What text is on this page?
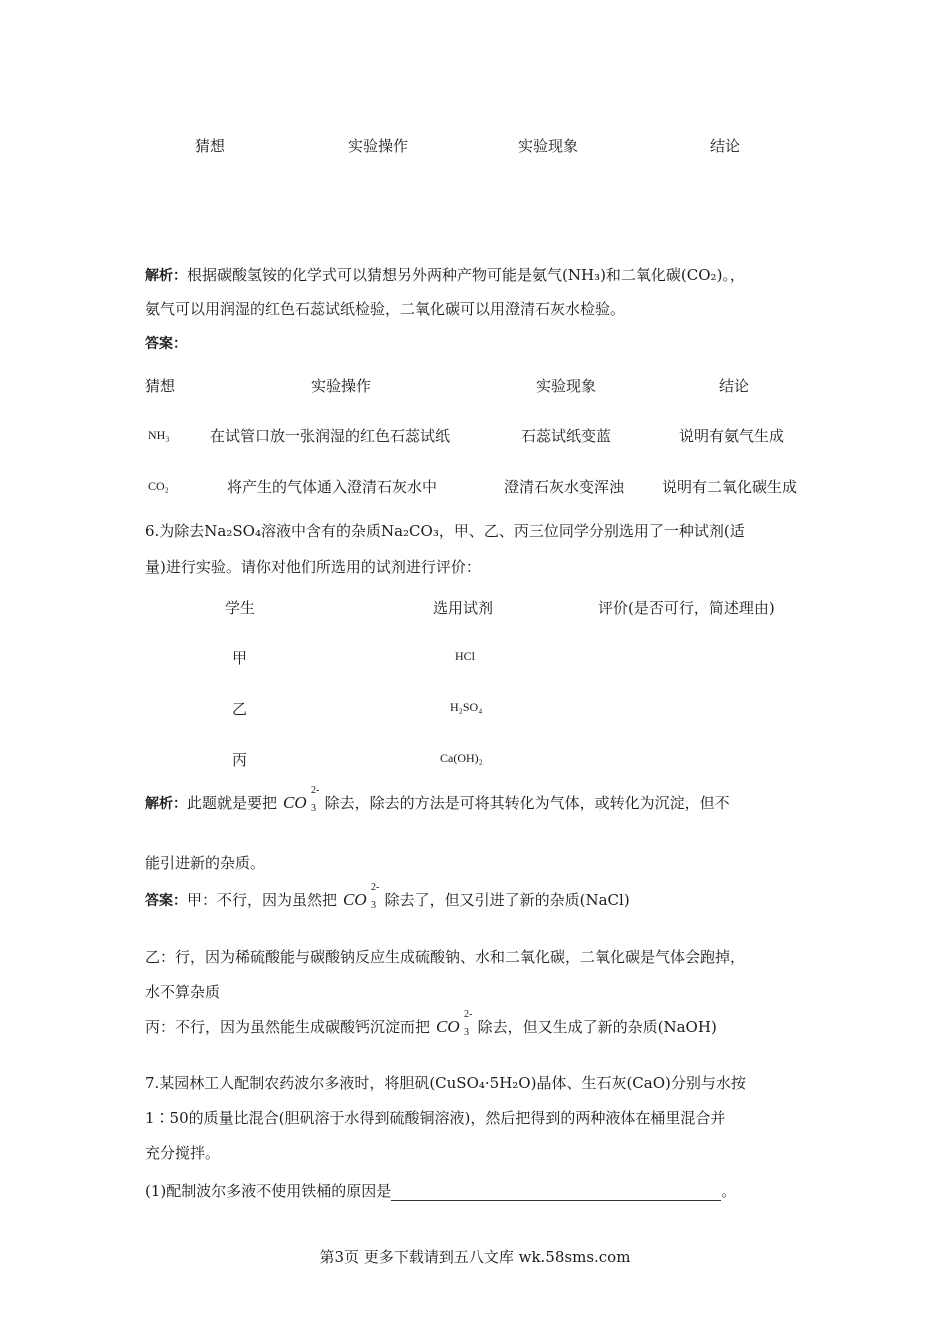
猜想	实验操作	实验现象	结论
解析：根据碳酸氢铵的化学式可以猜想另外两种产物可能是氨气(NH₃)和二氧化碳(CO₂)。，
氨气可以用润湿的红色石蕊试纸检验，二氧化碳可以用澄清石灰水检验。
答案：
猜想	实验操作	实验现象	结论
NH₃	在试管口放一张润湿的红色石蕊试纸	石蕊试纸变蓝	说明有氨气生成
CO₂	将产生的气体通入澄清石灰水中	澄清石灰水变浑浊	说明有二氧化碳生成
6.为除去Na₂SO₄溶液中含有的杂质Na₂CO₃，甲、乙、丙三位同学分别选用了一种试剂(适
量)进行实验。请你对他们所选用的试剂进行评价：
学生	选用试剂	评价(是否可行，简述理由)
甲	HCl
乙	H₂SO₄
丙	Ca(OH)₂
解析：此题就是要把 CO 3
2-
除去，除去的方法是可将其转化为气体，或转化为沉淀，但不
能引进新的杂质。
答案：甲：不行，因为虽然把 CO 3
2-
除去了，但又引进了新的杂质(NaCl)
乙：行，因为稀硫酸能与碳酸钠反应生成硫酸钠、水和二氧化碳，二氧化碳是气体会跑掉，
水不算杂质
丙：不行，因为虽然能生成碳酸钙沉淀而把 CO 3
2-
除去，但又生成了新的杂质(NaOH)
7.某园林工人配制农药波尔多液时，将胆矾(CuSO₄·5H₂O)晶体、生石灰(CaO)分别与水按
1∶50的质量比混合(胆矾溶于水得到硫酸铜溶液)，然后把得到的两种液体在桶里混合并
充分搅拌。
(1)配制波尔多液不使用铁桶的原因是	。
第3页 更多下载请到五八文库 wk.58sms.com
